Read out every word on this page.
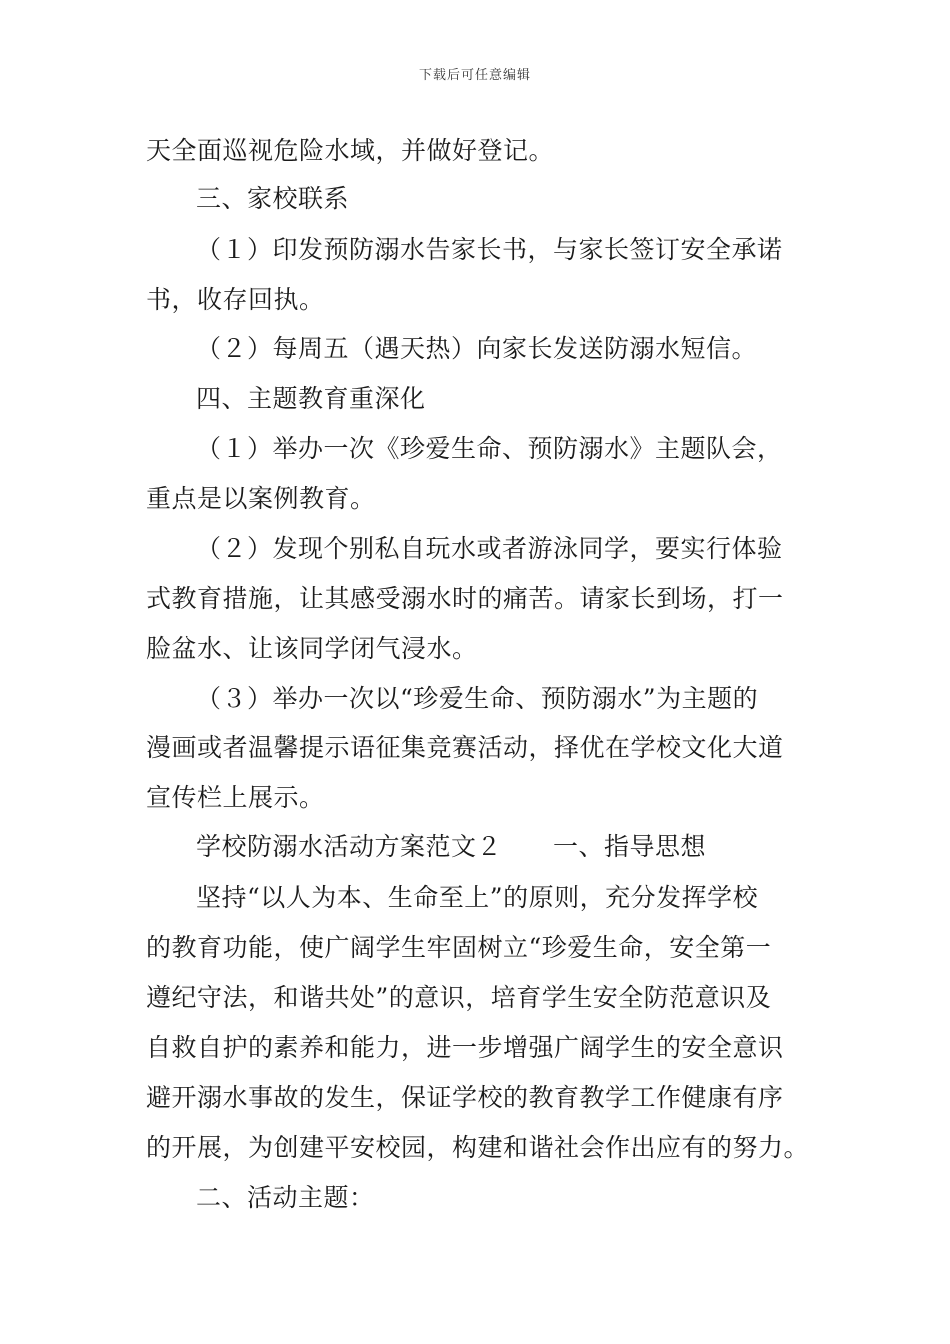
下载后可任意编辑
天全面巡视危险水域，并做好登记。
三、家校联系
（１）印发预防溺水告家长书，与家长签订安全承诺
书，收存回执。
（２）每周五（遇天热）向家长发送防溺水短信。
四、主题教育重深化
（１）举办一次《珍爱生命、预防溺水》主题队会，
重点是以案例教育。
（２）发现个别私自玩水或者游泳同学，要实行体验
式教育措施，让其感受溺水时的痛苦。请家长到场，打一
脸盆水、让该同学闭气浸水。
（３）举办一次以“珍爱生命、预防溺水”为主题的
漫画或者温馨提示语征集竞赛活动，择优在学校文化大道
宣传栏上展示。
学校防溺水活动方案范文２　　一、指导思想
坚持“以人为本、生命至上”的原则，充分发挥学校
的教育功能，使广阔学生牢固树立“珍爱生命，安全第一
遵纪守法，和谐共处”的意识，培育学生安全防范意识及
自救自护的素养和能力，进一步增强广阔学生的安全意识
避开溺水事故的发生，保证学校的教育教学工作健康有序
的开展，为创建平安校园，构建和谐社会作出应有的努力。
二、活动主题：
